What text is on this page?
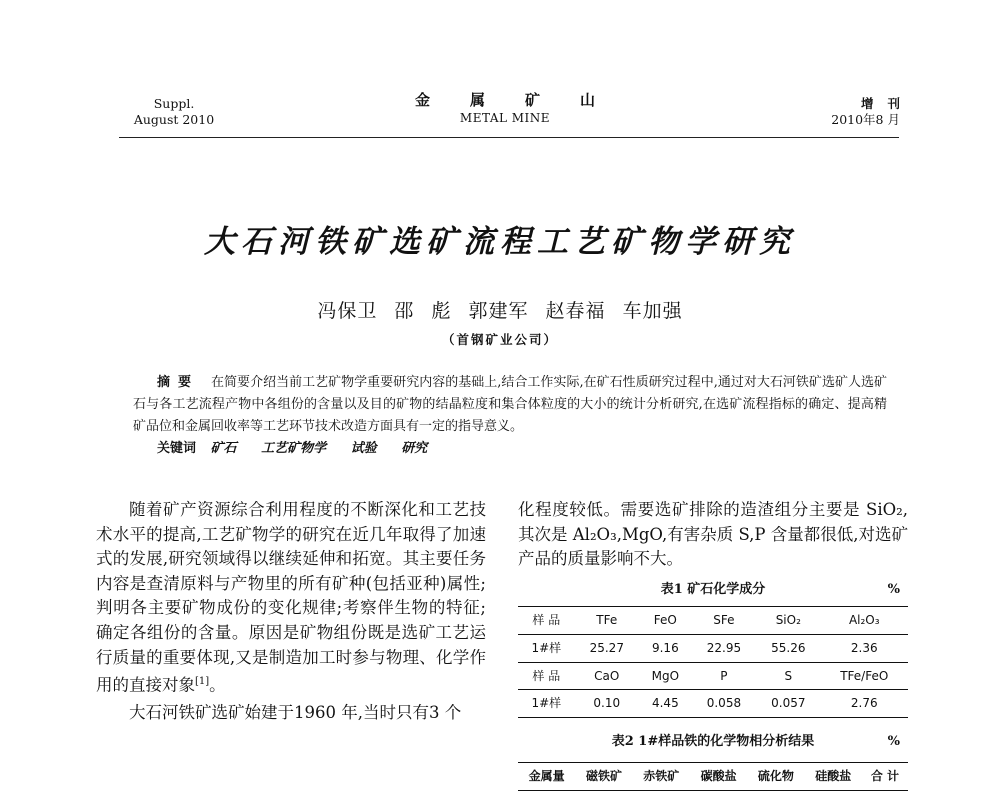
Suppl.
August 2010
金属矿山
METAL MINE
增刊
2010年8 月
大石河铁矿选矿流程工艺矿物学研究
冯保卫 邵 彪 郭建军 赵春福 车加强
（首钢矿业公司）
摘要 在简要介绍当前工艺矿物学重要研究内容的基础上,结合工作实际,在矿石性质研究过程中,通过对大石河铁矿选矿人选矿石与各工艺流程产物中各组份的含量以及目的矿物的结晶粒度和集合体粒度的大小的统计分析研究,在选矿流程指标的确定、提高精矿品位和金属回收率等工艺环节技术改造方面具有一定的指导意义。
关键词 矿石 工艺矿物学 试验 研究

随着矿产资源综合利用程度的不断深化和工艺技术水平的提高,工艺矿物学的研究在近几年取得了加速式的发展,研究领域得以继续延伸和拓宽。其主要任务内容是查清原料与产物里的所有矿种(包括亚种)属性;判明各主要矿物成份的变化规律;考察伴生物的特征;确定各组份的含量。原因是矿物组份既是选矿工艺运行质量的重要体现,又是制造加工时参与物理、化学作用的直接对象[1]。

大石河铁矿选矿始建于1960 年,当时只有3 个

化程度较低。需要选矿排除的造渣组分主要是 SiO₂,其次是 Al₂O₃,MgO,有害杂质 S,P 含量都很低,对选矿产品的质量影响不大。

表1 矿石化学成分	%
样 品	TFe	FeO	SFe	SiO₂	Al₂O₃
1#样	25.27	9.16	22.95	55.26	2.36
样 品	CaO	MgO	P	S	TFe/FeO
1#样	0.10	4.45	0.058	0.057	2.76
表2 1#样品铁的化学物相分析结果	%
金属量	磁铁矿	赤铁矿	碳酸盐	硫化物	硅酸盐	合 计
